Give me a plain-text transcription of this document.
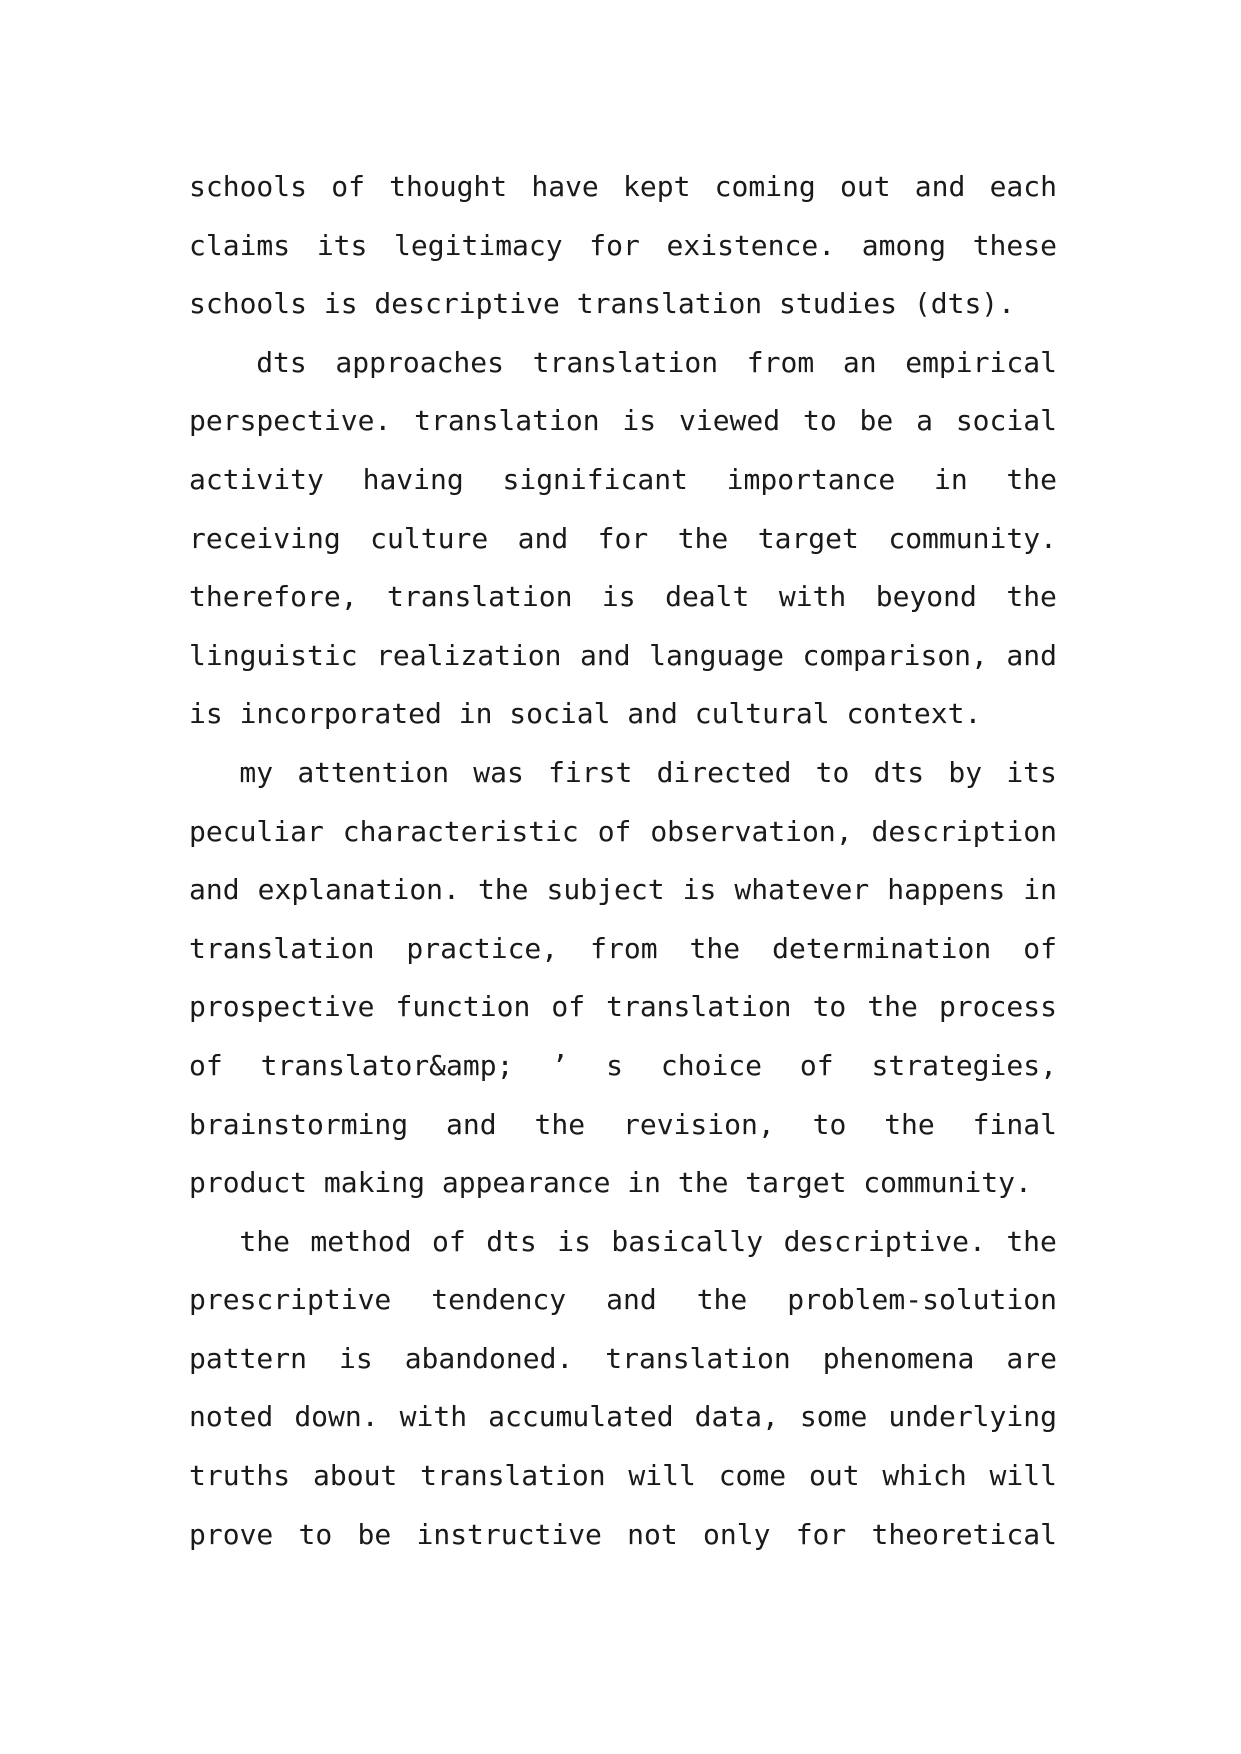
schools of thought have kept coming out and each
claims its legitimacy for existence. among these
schools is descriptive translation studies (dts).
dts approaches translation from an empirical
perspective. translation is viewed to be a social
activity having significant importance in the
receiving culture and for the target community.
therefore, translation is dealt with beyond the
linguistic realization and language comparison, and
is incorporated in social and cultural context.
my attention was first directed to dts by its
peculiar characteristic of observation, description
and explanation. the subject is whatever happens in
translation practice, from the determination of
prospective function of translation to the process
of translator&amp; ’ s choice of strategies,
brainstorming and the revision, to the final
product making appearance in the target community.
the method of dts is basically descriptive. the
prescriptive tendency and the problem-solution
pattern is abandoned. translation phenomena are
noted down. with accumulated data, some underlying
truths about translation will come out which will
prove to be instructive not only for theoretical
